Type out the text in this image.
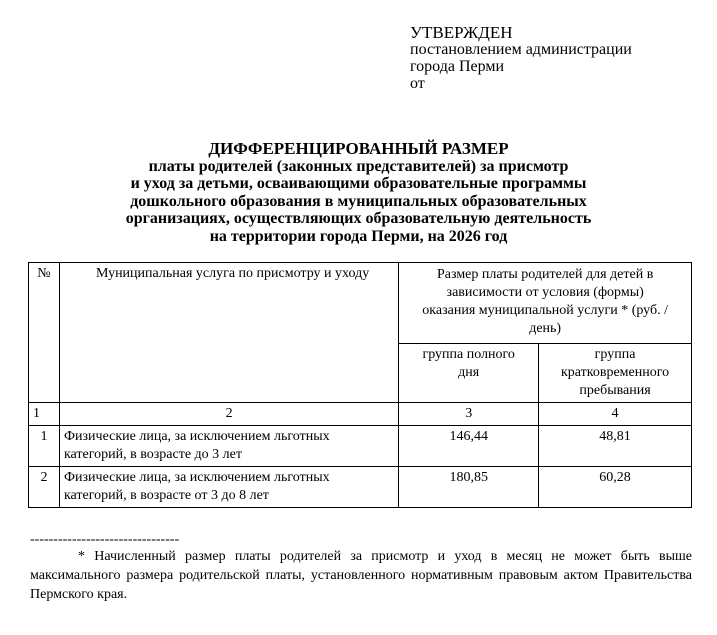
УТВЕРЖДЕН
постановлением администрации
города Перми
от
ДИФФЕРЕНЦИРОВАННЫЙ РАЗМЕР
платы родителей (законных представителей) за присмотр
и уход за детьми, осваивающими образовательные программы
дошкольного образования в муниципальных образовательных
организациях, осуществляющих образовательную деятельность
на территории города Перми, на 2026 год
№	Муниципальная услуга по присмотру и уходу	Размер платы родителей для детей в зависимости от условия (формы) оказания муниципальной услуги * (руб. / день)	
		группа полного дня	группа кратковременного пребывания
1	2	3	4
1	Физические лица, за исключением льготных категорий, в возрасте до 3 лет	146,44	48,81
2	Физические лица, за исключением льготных категорий, в возрасте от 3 до 8 лет	180,85	60,28
--------------------------------
* Начисленный размер платы родителей за присмотр и уход в месяц не может быть выше максимального размера родительской платы, установленного нормативным правовым актом Правительства Пермского края.
